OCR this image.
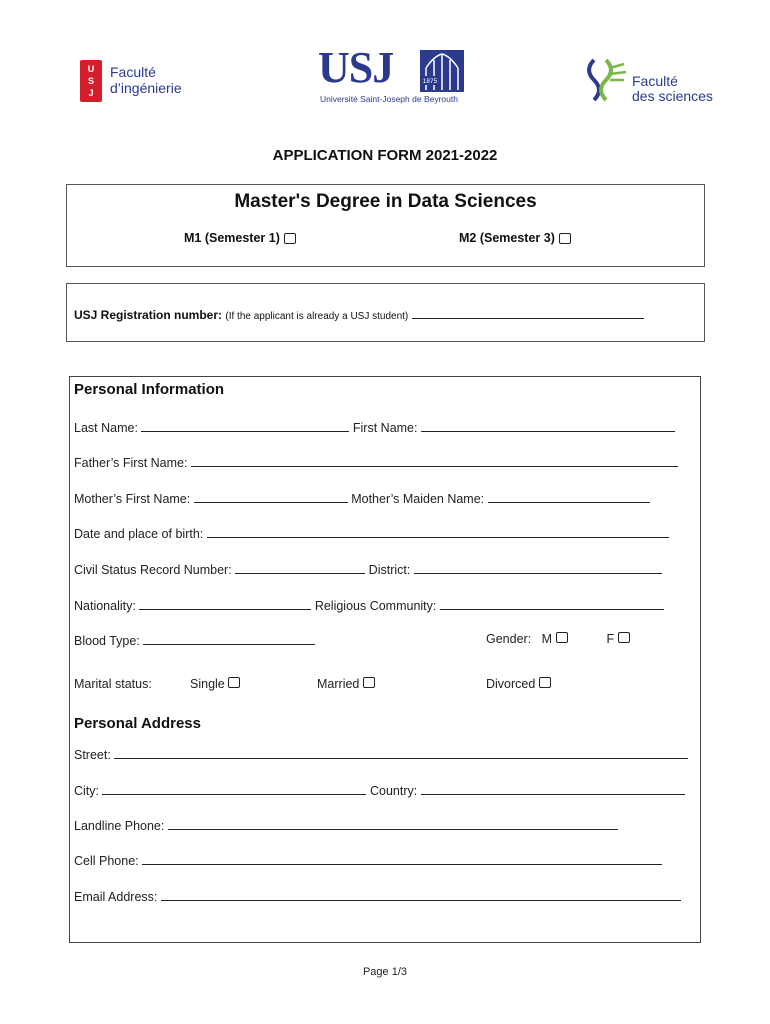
U
S
J
Faculté
d’ingénierie	USJ	1875
Université Saint-Joseph de Beyrouth
Faculté
des sciences
APPLICATION FORM 2021-2022
Master's Degree in Data Sciences
M1 (Semester 1)	M2 (Semester 3)
USJ Registration number: (If the applicant is already a USJ student)
Personal Information
Last Name:	First Name:
Father’s First Name:
Mother’s First Name:	Mother’s Maiden Name:
Date and place of birth:
Civil Status Record Number:	District:
Nationality:	Religious Community:
Blood Type:	Gender: M	F
Marital status:	Single	Married	Divorced
Personal Address
Street:
City:	Country:
Landline Phone:
Cell Phone:
Email Address:
Page 1/3
